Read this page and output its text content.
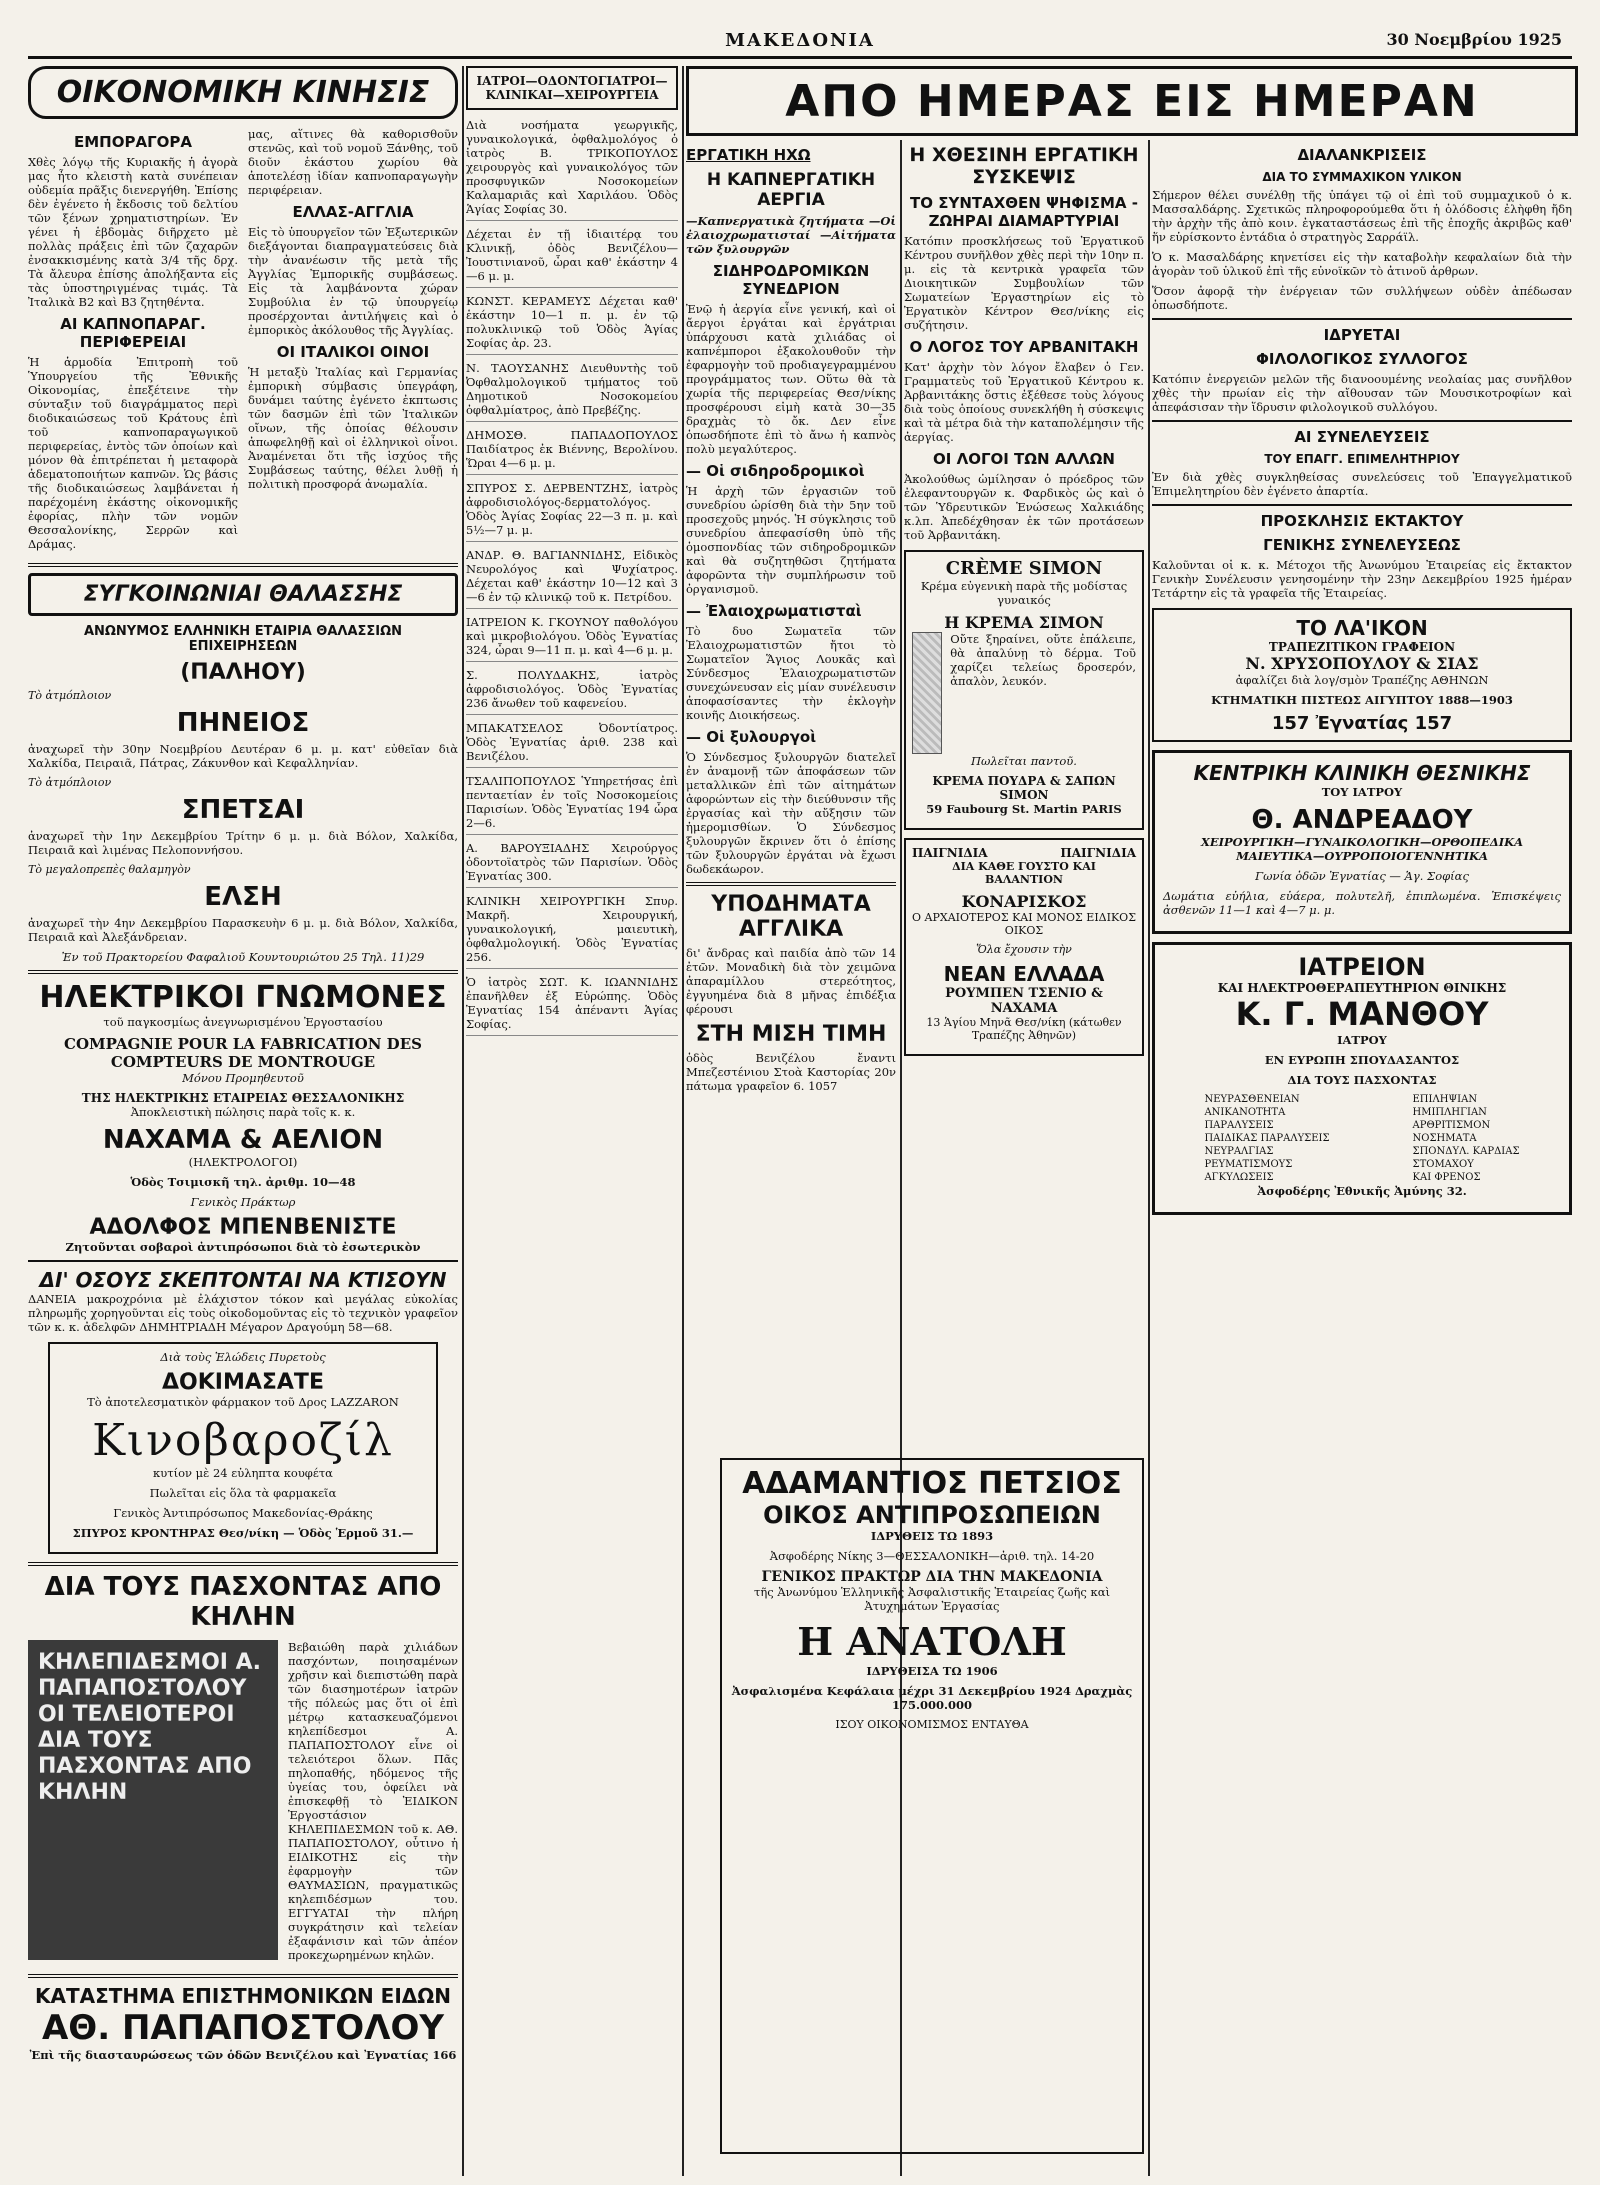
ΜΑΚΕΔΟΝΙΑ	30 Νοεμβρίου 1925
ΑΠΟ ΗΜΕΡΑΣ ΕΙΣ ΗΜΕΡΑΝ
ΟΙΚΟΝΟΜΙΚΗ ΚΙΝΗΣΙΣ
ΕΜΠΟΡΑΓΟΡΑ

Χθὲς λόγῳ τῆς Κυριακῆς ἡ ἀγορὰ μας ἦτο κλειστὴ κατὰ συνέπειαν οὐδεμία πρᾶξις διενεργήθη. Ἐπίσης δὲν ἐγένετο ἡ ἔκδοσις τοῦ δελτίου τῶν ξένων χρηματιστηρίων. Ἐν γένει ἡ ἑβδομὰς διῆρχετο μὲ πολλὰς πράξεις ἐπὶ τῶν ζαχαρῶν ἐνσακκισμένης κατὰ 3/4 τῆς δρχ. Τὰ ἄλευρα ἐπίσης ἀπολήξαντα εἰς τὰς ὑποστηριγμένας τιμάς. Τὰ Ἰταλικὰ Β2 καὶ Β3 ζητηθέντα.

ΑΙ ΚΑΠΝΟΠΑΡΑΓ. ΠΕΡΙΦΕΡΕΙΑΙ

Ἡ ἁρμοδία Ἐπιτροπὴ τοῦ Ὑπουργείου τῆς Ἐθνικῆς Οἰκονομίας, ἐπεξέτεινε τὴν σύνταξιν τοῦ διαγράμματος περὶ διοδικαιώσεως τοῦ Κράτους ἐπὶ τοῦ καπνοπαραγωγικοῦ περιφερείας, ἐντὸς τῶν ὁποίων καὶ μόνον θὰ ἐπιτρέπεται ἡ μεταφορὰ ἀδεματοποιήτων καπνῶν. Ὡς βάσις τῆς διοδικαιώσεως λαμβάνεται ἡ παρέχομένη ἐκάστης οἰκονομικῆς ἐφορίας, πλὴν τῶν νομῶν Θεσσαλονίκης, Σερρῶν καὶ Δράμας.

μας, αἵτινες θὰ καθορισθοῦν στενῶς, καὶ τοῦ νομοῦ Ξάνθης, τοῦ διοῦν ἑκάστου χωρίου θὰ ἀποτελέσῃ ἰδίαν καπνοπαραγωγὴν περιφέρειαν.

ΕΛΛΑΣ-ΑΓΓΛΙΑ

Εἰς τὸ ὑπουργεῖον τῶν Ἐξωτερικῶν διεξάγονται διαπραγματεύσεις διὰ τὴν ἀνανέωσιν τῆς μετὰ τῆς Ἀγγλίας Ἐμπορικῆς συμβάσεως. Εἰς τὰ λαμβάνοντα χώραν Συμβούλια ἐν τῷ ὑπουργείῳ προσέρχονται ἀντιλήψεις καὶ ὁ ἐμπορικὸς ἀκόλουθος τῆς Ἀγγλίας.

ΟΙ ΙΤΑΛΙΚΟΙ ΟΙΝΟΙ

Ἡ μεταξὺ Ἰταλίας καὶ Γερμανίας ἐμπορικὴ σύμβασις ὑπεγράφη, δυνάμει ταύτης ἐγένετο ἐκπτωσις τῶν δασμῶν ἐπὶ τῶν Ἰταλικῶν οἴνων, τῆς ὁποίας θέλουσιν ἀπωφεληθῇ καὶ οἱ ἑλληνικοὶ οἶνοι. Ἀναμένεται ὅτι τῆς ἰσχύος τῆς Συμβάσεως ταύτης, θέλει λυθῇ ἡ πολιτικὴ προσφορά ἀνωμαλία.

ΣΥΓΚΟΙΝΩΝΙΑΙ ΘΑΛΑΣΣΗΣ
ΑΝΩΝΥΜΟΣ ΕΛΛΗΝΙΚΗ ΕΤΑΙΡΙΑ ΘΑΛΑΣΣΙΩΝ ΕΠΙΧΕΙΡΗΣΕΩΝ
(ΠΑΛΗΟΥ)

Τὸ ἀτμόπλοιον

ΠΗΝΕΙΟΣ

ἀναχωρεῖ τὴν 30ην Νοεμβρίου Δευτέραν 6 μ. μ. κατ' εὐθεῖαν διὰ Χαλκίδα, Πειραιᾶ, Πάτρας, Ζάκυνθον καὶ Κεφαλληνίαν.

Τὸ ἀτμόπλοιον

ΣΠΕΤΣΑΙ

ἀναχωρεῖ τὴν 1ην Δεκεμβρίου Τρίτην 6 μ. μ. διὰ Βόλον, Χαλκίδα, Πειραιᾶ καὶ λιμένας Πελοποννήσου.

Τὸ μεγαλοπρεπὲς θαλαμηγὸν

ΕΛΣΗ

ἀναχωρεῖ τὴν 4ην Δεκεμβρίου Παρασκευὴν 6 μ. μ. διὰ Βόλον, Χαλκίδα, Πειραιᾶ καὶ Ἀλεξάνδρειαν.

Ἐν τοῦ Πρακτορείου Φαφαλιοῦ Κουντουριώτου 25 Τηλ. 11)29

ΗΛΕΚΤΡΙΚΟΙ ΓΝΩΜΟΝΕΣ

τοῦ παγκοσμίως ἀνεγνωρισμένου Ἐργοστασίου

COMPAGNIE POUR LA FABRICATION DES COMPTEURS DE MONTROUGE

Μόνου Προμηθευτοῦ

ΤΗΣ ΗΛΕΚΤΡΙΚΗΣ ΕΤΑΙΡΕΙΑΣ ΘΕΣΣΑΛΟΝΙΚΗΣ

Ἀποκλειστικὴ πώλησις παρὰ τοῖς κ. κ.

ΝΑΧΑΜΑ & ΑΕΛΙΟΝ

(ΗΛΕΚΤΡΟΛΟΓΟΙ)

Ὁδὸς Τσιμισκῆ τηλ. ἀριθμ. 10—48

Γενικὸς Πράκτωρ

ΑΔΟΛΦΟΣ ΜΠΕΝΒΕΝΙΣΤΕ

Ζητοῦνται σοβαροὶ ἀντιπρόσωποι διὰ τὸ ἐσωτερικὸν

ΔΙ' ΟΣΟΥΣ ΣΚΕΠΤΟΝΤΑΙ ΝΑ ΚΤΙΣΟΥΝ

ΔΑΝΕΙΑ μακροχρόνια μὲ ἐλάχιστον τόκον καὶ μεγάλας εὐκολίας πληρωμῆς χορηγοῦνται εἰς τοὺς οἰκοδομοῦντας εἰς τὸ τεχνικὸν γραφεῖον τῶν κ. κ. ἀδελφῶν ΔΗΜΗΤΡΙΑΔΗ Μέγαρον Δραγούμη 58—68.

Διὰ τοὺς Ἑλώδεις Πυρετοὺς

ΔΟΚΙΜΑΣΑΤΕ

Τὸ ἀποτελεσματικὸν φάρμακον τοῦ Δρος LAZZARON

Κινοβαροζίλ

κυτίον μὲ 24 εὐληπτα κουφέτα

Πωλεῖται εἰς ὅλα τὰ φαρμακεῖα

Γενικὸς Ἀντιπρόσωπος Μακεδονίας-Θράκης

ΣΠΥΡΟΣ ΚΡΟΝΤΗΡΑΣ Θεσ/νίκη — Ὁδὸς Ἑρμοῦ 31.—

ΔΙΑ ΤΟΥΣ ΠΑΣΧΟΝΤΑΣ ΑΠΟ ΚΗΛΗΝ
ΚΗΛΕΠΙΔΕΣΜΟΙ Α. ΠΑΠΑΠΟΣΤΟΛΟΥ ΟΙ ΤΕΛΕΙΟΤΕΡΟΙ ΔΙΑ ΤΟΥΣ ΠΑΣΧΟΝΤΑΣ ΑΠΟ ΚΗΛΗΝ

Βεβαιώθη παρὰ χιλιάδων πασχόντων, ποιησαμένων χρῆσιν καὶ διεπιστώθη παρὰ τῶν διασημοτέρων ἰατρῶν τῆς πόλεώς μας ὅτι οἱ ἐπὶ μέτρῳ κατασκευαζόμενοι κηλεπίδεσμοι Α. ΠΑΠΑΠΟΣΤΟΛΟΥ εἶνε οἱ τελειότεροι ὅλων. Πᾶς πηλοπαθής, ηδόμενος τῆς ὑγείας του, ὀφείλει νὰ ἐπισκεφθῇ τὸ ἘΙΔΙΚΟΝ Ἐργοστάσιον ΚΗΛΕΠΙΔΕΣΜΩΝ τοῦ κ. ΑΘ. ΠΑΠΑΠΟΣΤΟΛΟΥ, οὗτινο ἡ ΕΙΔΙΚΟΤΗΣ εἰς τὴν ἐφαρμογὴν τῶν ΘΑΥΜΑΣΙΩΝ, πραγματικῶς κηλεπιδέσμων του. ΕΓΓΥΑΤΑΙ τὴν πλήρη συγκράτησιν καὶ τελείαν ἐξαφάνισιν καὶ τῶν ἀπέον προκεχωρημένων κηλῶν.

ΚΑΤΑΣΤΗΜΑ ΕΠΙΣΤΗΜΟΝΙΚΩΝ ΕΙΔΩΝ
ΑΘ. ΠΑΠΑΠΟΣΤΟΛΟΥ

Ἐπὶ τῆς διασταυρώσεως τῶν ὁδῶν Βενιζέλου καὶ Ἐγνατίας 166

ΙΑΤΡΟΙ—ΟΔΟΝΤΟΓΙΑΤΡΟΙ—ΚΛΙΝΙΚΑΙ—ΧΕΙΡΟΥΡΓΕΙΑ

Διὰ νοσήματα γεωργικῆς, γυναικολογικά, ὀφθαλμολόγος ὁ ἰατρὸς Β. ΤΡΙΚΟΠΟΥΛΟΣ χειρουργὸς καὶ γυναικολόγος τῶν προσφυγικῶν Νοσοκομείων Καλαμαριᾶς καὶ Χαριλάου. Ὁδὸς Ἁγίας Σοφίας 30.

Δέχεται ἐν τῇ ἰδιαιτέρᾳ του Κλινικῇ, ὁδὸς Βενιζέλου—Ἰουστινιανοῦ, ὧραι καθ' ἑκάστην 4—6 μ. μ.

ΚΩΝΣΤ. ΚΕΡΑΜΕΥΣ Δέχεται καθ' ἑκάστην 10—1 π. μ. ἐν τῷ πολυκλινικῷ τοῦ Ὁδὸς Ἁγίας Σοφίας ἀρ. 23.

Ν. ΤΑΟΥΣΑΝΗΣ Διευθυντὴς τοῦ Ὀφθαλμολογικοῦ τμήματος τοῦ Δημοτικοῦ Νοσοκομείου ὀφθαλμίατρος, ἀπὸ Πρεβέζης.

ΔΗΜΟΣΘ. ΠΑΠΑΔΟΠΟΥΛΟΣ Παιδίατρος ἐκ Βιέννης, Βερολίνου. Ὥραι 4—6 μ. μ.

ΣΠΥΡΟΣ Σ. ΔΕΡΒΕΝΤΖΗΣ, ἰατρὸς ἀφροδισιολόγος-δερματολόγος. Ὁδὸς Ἁγίας Σοφίας 22—3 π. μ. καὶ 5½—7 μ. μ.

ΑΝΔΡ. Θ. ΒΑΓΙΑΝΝΙΔΗΣ, Εἰδικὸς Νευρολόγος καὶ Ψυχίατρος. Δέχεται καθ' ἑκάστην 10—12 καὶ 3—6 ἐν τῷ κλινικῷ τοῦ κ. Πετρίδου.

ΙΑΤΡΕΙΟΝ Κ. ΓΚΟΥΝΟΥ παθολόγου καὶ μικροβιολόγου. Ὁδὸς Ἐγνατίας 324, ὧραι 9—11 π. μ. καὶ 4—6 μ. μ.

Σ. ΠΟΛΥΔΑΚΗΣ, ἰατρὸς ἀφροδισιολόγος. Ὁδὸς Ἐγνατίας 236 ἄνωθεν τοῦ καφενείου.

ΜΠΑΚΑΤΣΕΛΟΣ Ὀδοντίατρος. Ὁδὸς Ἐγνατίας ἀριθ. 238 καὶ Βενιζέλου.

ΤΣΑΛΙΠΟΠΟΥΛΟΣ Ὑπηρετήσας ἐπὶ πενταετίαν ἐν τοῖς Νοσοκομείοις Παρισίων. Ὁδὸς Ἐγνατίας 194 ὧρα 2—6.

Α. ΒΑΡΟΥΞΙΑΔΗΣ Χειρούργος ὀδοντοϊατρὸς τῶν Παρισίων. Ὁδὸς Ἐγνατίας 300.

ΚΛΙΝΙΚΗ ΧΕΙΡΟΥΡΓΙΚΗ Σπυρ. Μακρῆ. Χειρουργική, γυναικολογική, μαιευτικὴ, ὀφθαλμολογική. Ὁδὸς Ἐγνατίας 256.

Ὁ ἰατρὸς ΣΩΤ. Κ. ΙΩΑΝΝΙΔΗΣ ἐπανῆλθεν ἐξ Εὐρώπης. Ὁδὸς Ἐγνατίας 154 ἀπέναντι Ἁγίας Σοφίας.

ΕΡΓΑΤΙΚΗ ΗΧΩ
Η ΚΑΠΝΕΡΓΑΤΙΚΗ ΑΕΡΓΙΑ

—Καπνεργατικὰ ζητήματα —Οἱ ἐλαιοχρωματισταί —Αἰτήματα τῶν ξυλουργῶν

ΣΙΔΗΡΟΔΡΟΜΙΚΩΝ ΣΥΝΕΔΡΙΟΝ

Ἐνῷ ἡ ἀεργία εἶνε γενική, καὶ οἱ ἄεργοι ἐργάται καὶ ἐργάτριαι ὑπάρχουσι κατὰ χιλιάδας οἱ καπνέμποροι ἐξακολουθοῦν τὴν ἐφαρμογὴν τοῦ προδιαγεγραμμένου προγράμματος των. Οὕτω θὰ τὰ χωρία τῆς περιφερείας Θεσ/νίκης προσφέρουσι εἰμὴ κατὰ 30—35 δραχμὰς τὸ ὄκ. Δεν εἶνε ὁπωσδήποτε ἐπὶ τὸ ἄνω ἡ καπνὸς πολὺ μεγαλύτερος.

— Οἱ σιδηροδρομικοὶ

Ἡ ἀρχὴ τῶν ἐργασιῶν τοῦ συνεδρίου ὡρίσθη διὰ τὴν 5ην τοῦ προσεχοῦς μηνός. Ἡ σύγκλησις τοῦ συνεδρίου ἀπεφασίσθη ὑπὸ τῆς ὁμοσπονδίας τῶν σιδηροδρομικῶν καὶ θὰ συζητηθῶσι ζητήματα ἀφορῶντα τὴν συμπλήρωσιν τοῦ ὀργανισμοῦ.

— Ἐλαιοχρωματισταὶ

Τὸ δυο Σωματεῖα τῶν Ἐλαιοχρωματιστῶν ἤτοι τὸ Σωματεῖον Ἅγιος Λουκᾶς καὶ Σύνδεσμος Ἐλαιοχρωματιστῶν συνεχώνευσαν εἰς μίαν συνέλευσιν ἀποφασίσαντες τὴν ἐκλογὴν κοινῆς Διοικήσεως.

— Οἱ ξυλουργοὶ

Ὁ Σύνδεσμος ξυλουργῶν διατελεῖ ἐν ἀναμονῇ τῶν ἀποφάσεων τῶν μεταλλικῶν ἐπὶ τῶν αἰτημάτων ἀφορώντων εἰς τὴν διεύθυνσιν τῆς ἐργασίας καὶ τὴν αὔξησιν τῶν ἡμερομισθίων. Ὁ Σύνδεσμος ξυλουργῶν ἔκρινεν ὅτι ὁ ἐπίσης τῶν ξυλουργῶν ἐργάται νὰ ἔχωσι δωδεκάωρον.

ΥΠΟΔΗΜΑΤΑ ΑΓΓΛΙΚΑ

δι' ἄνδρας καὶ παιδία ἀπὸ τῶν 14 ἐτῶν. Μοναδικὴ διὰ τὸν χειμῶνα ἀπαραμίλλου στερεότητος, ἐγγυημένα διὰ 8 μῆνας ἐπιδέξια φέρουσι

ΣΤΗ ΜΙΣΗ ΤΙΜΗ

ὁδὸς Βενιζέλου ἔναντι Μπεζεστένιου Στοὰ Καστορίας 20ν πάτωμα γραφεῖον 6. 1057

Η ΧΘΕΣΙΝΗ ΕΡΓΑΤΙΚΗ ΣΥΣΚΕΨΙΣ
ΤΟ ΣΥΝΤΑΧΘΕΝ ΨΗΦΙΣΜΑ - ΖΩΗΡΑΙ ΔΙΑΜΑΡΤΥΡΙΑΙ

Κατόπιν προσκλήσεως τοῦ Ἐργατικοῦ Κέντρου συνῆλθον χθὲς περὶ τὴν 10ην π. μ. εἰς τὰ κεντρικὰ γραφεῖα τῶν Διοικητικῶν Συμβουλίων τῶν Σωματείων Ἐργαστηρίων εἰς τὸ Ἐργατικὸν Κέντρον Θεσ/νίκης εἰς συζήτησιν.

Ο ΛΟΓΟΣ ΤΟΥ ΑΡΒΑΝΙΤΑΚΗ

Κατ' ἀρχὴν τὸν λόγον ἔλαβεν ὁ Γεν. Γραμματεὺς τοῦ Ἐργατικοῦ Κέντρου κ. Ἀρβανιτάκης ὅστις ἐξέθεσε τοὺς λόγους διὰ τοὺς ὁποίους συνεκλήθη ἡ σύσκεψις καὶ τὰ μέτρα διὰ τὴν καταπολέμησιν τῆς ἀεργίας.

ΟΙ ΛΟΓΟΙ ΤΩΝ ΑΛΛΩΝ

Ἀκολούθως ὡμίλησαν ὁ πρόεδρος τῶν ἐλεφαντουργῶν κ. Φαρδικὸς ὡς καὶ ὁ τῶν Ὑδρευτικῶν Ἑνώσεως Χαλκιάδης κ.λπ. Ἀπεδέχθησαν ἐκ τῶν προτάσεων τοῦ Ἀρβανιτάκη.

CRÈME SIMON

Κρέμα εὐγενικὴ παρὰ τῆς μοδίστας γυναικός

Η ΚΡΕΜΑ ΣΙΜΟΝ

Οὔτε ξηραίνει, οὔτε ἐπάλειπε, θὰ ἀπαλύνῃ τὸ δέρμα. Τοῦ χαρίζει τελείως δροσερόν, ἀπαλὸν, λευκόν.

Πωλεῖται παντοῦ.

ΚΡΕΜΑ ΠΟΥΔΡΑ & ΣΑΠΩΝ SIMON

59 Faubourg St. Martin PARIS

ΠΑΙΓΝΙΔΙΑ	ΠΑΙΓΝΙΔΙΑ

ΔΙΑ ΚΑΘΕ ΓΟΥΣΤΟ ΚΑΙ ΒΑΛΑΝΤΙΟΝ

ΚΟΝΑΡΙΣΚΟΣ

Ο ΑΡΧΑΙΟΤΕΡΟΣ ΚΑΙ ΜΟΝΟΣ ΕΙΔΙΚΟΣ ΟΙΚΟΣ

Ὅλα ἔχουσιν τὴν

ΝΕΑΝ ΕΛΛΑΔΑ
ΡΟΥΜΠΕΝ ΤΣΕΝΙΟ & ΝΑΧΑΜΑ

13 Ἁγίου Μηνᾶ Θεσ/νίκη (κάτωθεν Τραπέζης Ἀθηνῶν)

ΑΔΑΜΑΝΤΙΟΣ ΠΕΤΣΙΟΣ
ΟΙΚΟΣ ΑΝΤΙΠΡΟΣΩΠΕΙΩΝ

ΙΔΡΥΘΕΙΣ ΤΩ 1893

Ἀσφοδέρης Νίκης 3—ΘΕΣΣΑΛΟΝΙΚΗ—ἀριθ. τηλ. 14-20

ΓΕΝΙΚΟΣ ΠΡΑΚΤΩΡ ΔΙΑ ΤΗΝ ΜΑΚΕΔΟΝΙΑ

τῆς Ἀνωνύμου Ἑλληνικῆς Ἀσφαλιστικῆς Ἑταιρείας ζωῆς καὶ Ἀτυχημάτων Ἐργασίας

Η ΑΝΑΤΟΛΗ

ΙΔΡΥΘΕΙΣΑ ΤΩ 1906

Ἀσφαλισμένα Κεφάλαια μέχρι 31 Δεκεμβρίου 1924 Δραχμὰς 175.000.000

ΙΣΟΥ ΟΙΚΟΝΟΜΙΣΜΟΣ ΕΝΤΑΥΘΑ

ΔΙΑΛΑΝΚΡΙΣΕΙΣ
ΔΙΑ ΤΟ ΣΥΜΜΑΧΙΚΟΝ ΥΛΙΚΟΝ

Σήμερον θέλει συνέλθῃ τῆς ὑπάγει τῷ οἱ ἐπὶ τοῦ συμμαχικοῦ ὁ κ. Μασσαλδάρης. Σχετικῶς πληροφορούμεθα ὅτι ἡ ὁλόδοσις ἐλὴφθη ἤδη τὴν ἀρχὴν τῆς ἀπὸ κοιν. ἐγκαταστάσεως ἐπὶ τῆς ἐποχῆς ἀκριβῶς καθ' ἥν εὑρίσκοντο ἐντάδια ὁ στρατηγὸς Σαρράϊλ.

Ὁ κ. Μασαλδάρης κηνετίσει εἰς τὴν καταβολὴν κεφαλαίων διὰ τὴν ἀγορὰν τοῦ ὑλικοῦ ἐπὶ τῆς εὐνοϊκῶν τὸ ἀτινοῦ ἀρθρων.

Ὅσον ἀφορᾷ τὴν ἐνέργειαν τῶν συλλήψεων οὐδὲν ἀπέδωσαν ὁπωσδήποτε.

ΙΔΡΥΕΤΑΙ
ΦΙΛΟΛΟΓΙΚΟΣ ΣΥΛΛΟΓΟΣ

Κατόπιν ἐνεργειῶν μελῶν τῆς διανοουμένης νεολαίας μας συνῆλθον χθὲς τὴν πρωίαν εἰς τὴν αἴθουσαν τῶν Μουσικοτροφίων καὶ ἀπεφάσισαν τὴν ἵδρυσιν φιλολογικοῦ συλλόγου.

ΑΙ ΣΥΝΕΛΕΥΣΕΙΣ
ΤΟΥ ΕΠΑΓΓ. ΕΠΙΜΕΛΗΤΗΡΙΟΥ

Ἐν διὰ χθὲς συγκληθείσας συνελεύσεις τοῦ Ἐπαγγελματικοῦ Ἐπιμελητηρίου δὲν ἐγένετο ἀπαρτία.

ΠΡΟΣΚΛΗΣΙΣ ΕΚΤΑΚΤΟΥ
ΓΕΝΙΚΗΣ ΣΥΝΕΛΕΥΣΕΩΣ

Καλοῦνται οἱ κ. κ. Μέτοχοι τῆς Ἀνωνύμου Ἐταιρείας εἰς ἔκτακτον Γενικὴν Συνέλευσιν γενησομένην τὴν 23ην Δεκεμβρίου 1925 ἡμέραν Τετάρτην εἰς τὰ γραφεῖα τῆς Ἐταιρείας.

ΤΟ ΛΑ'ΙΚΟΝ
ΤΡΑΠΕΖΙΤΙΚΟΝ ΓΡΑΦΕΙΟΝ
Ν. ΧΡΥΣΟΠΟΥΛΟΥ & ΣΙΑΣ

ἀφαλίζει διὰ λογ/σμὸν Τραπέζης ΑΘΗΝΩΝ

ΚΤΗΜΑΤΙΚΗ ΠΙΣΤΕΩΣ ΑΙΓΥΠΤΟΥ 1888—1903

157 Ἐγνατίας 157
ΚΕΝΤΡΙΚΗ ΚΛΙΝΙΚΗ ΘΕΣΝΙΚΗΣ

ΤΟΥ ΙΑΤΡΟΥ

Θ. ΑΝΔΡΕΑΔΟΥ

ΧΕΙΡΟΥΡΓΙΚΗ—ΓΥΝΑΙΚΟΛΟΓΙΚΗ—ΟΡΘΟΠΕΔΙΚΑ ΜΑΙΕΥΤΙΚΑ—ΟΥΡΡΟΠΟΙΟΓΕΝΝΗΤΙΚΑ

Γωνία ὁδῶν Ἐγνατίας — Ἁγ. Σοφίας

Δωμάτια εὐήλια, εὐάερα, πολυτελῆ, ἐπιπλωμένα. Ἐπισκέψεις ἀσθενῶν 11—1 καὶ 4—7 μ. μ.

ΙΑΤΡΕΙΟΝ
ΚΑΙ ΗΛΕΚΤΡΟΘΕΡΑΠΕΥΤΗΡΙΟΝ ΘΙΝΙΚΗΣ
Κ. Γ. ΜΑΝΘΟΥ

ΙΑΤΡΟΥ

ΕΝ ΕΥΡΩΠΗ ΣΠΟΥΔΑΣΑΝΤΟΣ

ΔΙΑ ΤΟΥΣ ΠΑΣΧΟΝΤΑΣ

ΝΕΥΡΑΣΘΕΝΕΙΑΝ
ΑΝΙΚΑΝΟΤΗΤΑ
ΠΑΡΑΛΥΣΕΙΣ
ΠΑΙΔΙΚΑΣ ΠΑΡΑΛΥΣΕΙΣ
ΝΕΥΡΑΛΓΙΑΣ
ΡΕΥΜΑΤΙΣΜΟΥΣ
ΑΓΚΥΛΩΣΕΙΣ
ΕΠΙΛΗΨΙΑΝ
ΗΜΙΠΛΗΓΙΑΝ
ΑΡΘΡΙΤΙΣΜΟΝ
ΝΟΣΗΜΑΤΑ
ΣΠΟΝΔΥΛ. ΚΑΡΔΙΑΣ
ΣΤΟΜΑΧΟΥ
ΚΑΙ ΦΡΕΝΟΣ

Ἀσφοδέρης Ἐθνικῆς Ἀμύνης 32.
